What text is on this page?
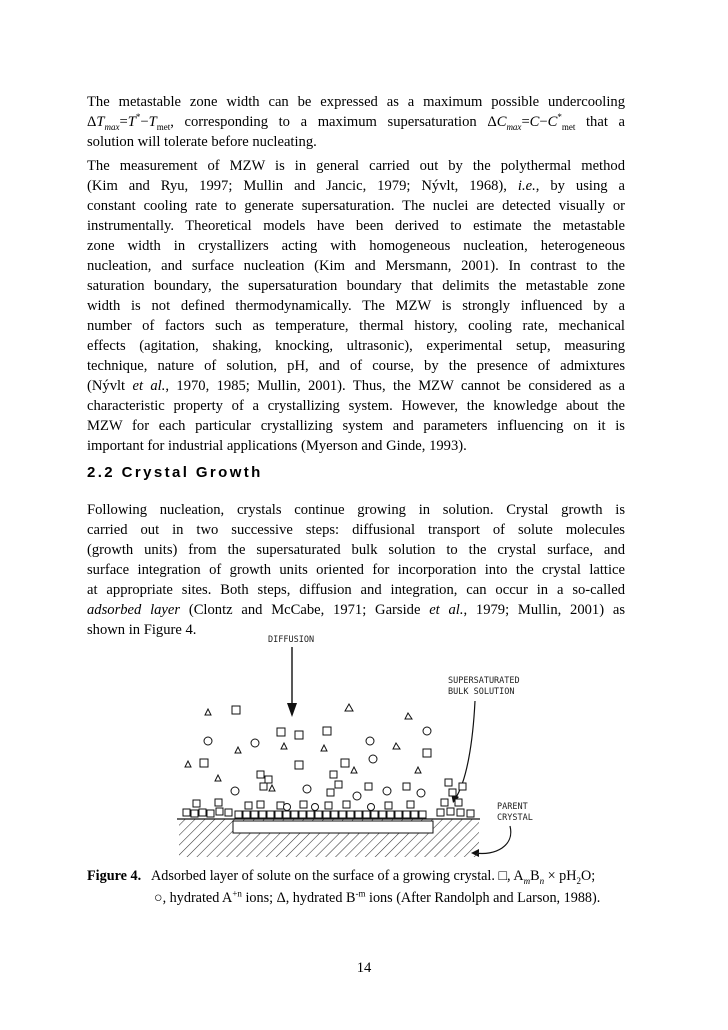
The metastable zone width can be expressed as a maximum possible undercooling
$\Delta T_{max}=T^*-T_{met}$, corresponding to a maximum supersaturation $\Delta C_{max}=C-C^*_{met}$ that a
solution will tolerate before nucleating.
The measurement of MZW is in general carried out by the polythermal method
(Kim and Ryu, 1997; Mullin and Jancic, 1979; Nývlt, 1968), i.e., by using a
constant cooling rate to generate supersaturation. The nuclei are detected visually or
instrumentally. Theoretical models have been derived to estimate the metastable
zone width in crystallizers acting with homogeneous nucleation, heterogeneous
nucleation, and surface nucleation (Kim and Mersmann, 2001). In contrast to the
saturation boundary, the supersaturation boundary that delimits the metastable zone
width is not defined thermodynamically. The MZW is strongly influenced by a
number of factors such as temperature, thermal history, cooling rate, mechanical
effects (agitation, shaking, knocking, ultrasonic), experimental setup, measuring
technique, nature of solution, pH, and of course, by the presence of admixtures
(Nývlt et al., 1970, 1985; Mullin, 2001). Thus, the MZW cannot be considered as a
characteristic property of a crystallizing system. However, the knowledge about the
MZW for each particular crystallizing system and parameters influencing on it is
important for industrial applications (Myerson and Ginde, 1993).
2.2 Crystal Growth
Following nucleation, crystals continue growing in solution. Crystal growth is
carried out in two successive steps: diffusional transport of solute molecules
(growth units) from the supersaturated bulk solution to the crystal surface, and
surface integration of growth units oriented for incorporation into the crystal lattice
at appropriate sites. Both steps, diffusion and integration, can occur in a so-called
adsorbed layer (Clontz and McCabe, 1971; Garside et al., 1979; Mullin, 2001) as
shown in Figure 4.
DIFFUSION
SUPERSATURATED
BULK SOLUTION
PARENT
CRYSTAL
Figure 4. Adsorbed layer of solute on the surface of a growing crystal. □, $A_mB_n \times pH_2O$;
○, hydrated $A^{+n}$ ions; Δ, hydrated $B^{-m}$ ions (After Randolph and Larson, 1988).
14
